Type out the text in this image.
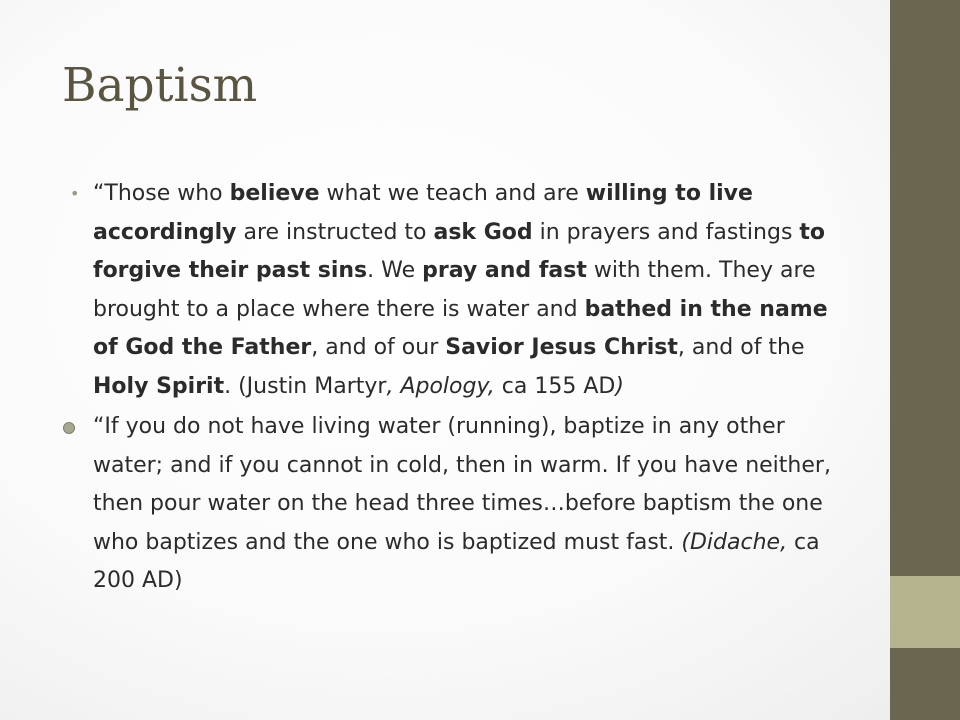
Baptism

• “Those who believe what we teach and are willing to live accordingly are instructed to ask God in prayers and fastings to forgive their past sins. We pray and fast with them. They are brought to a place where there is water and bathed in the name of God the Father, and of our Savior Jesus Christ, and of the Holy Spirit. (Justin Martyr, Apology, ca 155 AD)

“If you do not have living water (running), baptize in any other water; and if you cannot in cold, then in warm. If you have neither, then pour water on the head three times…before baptism the one who baptizes and the one who is baptized must fast. (Didache, ca 200 AD)
